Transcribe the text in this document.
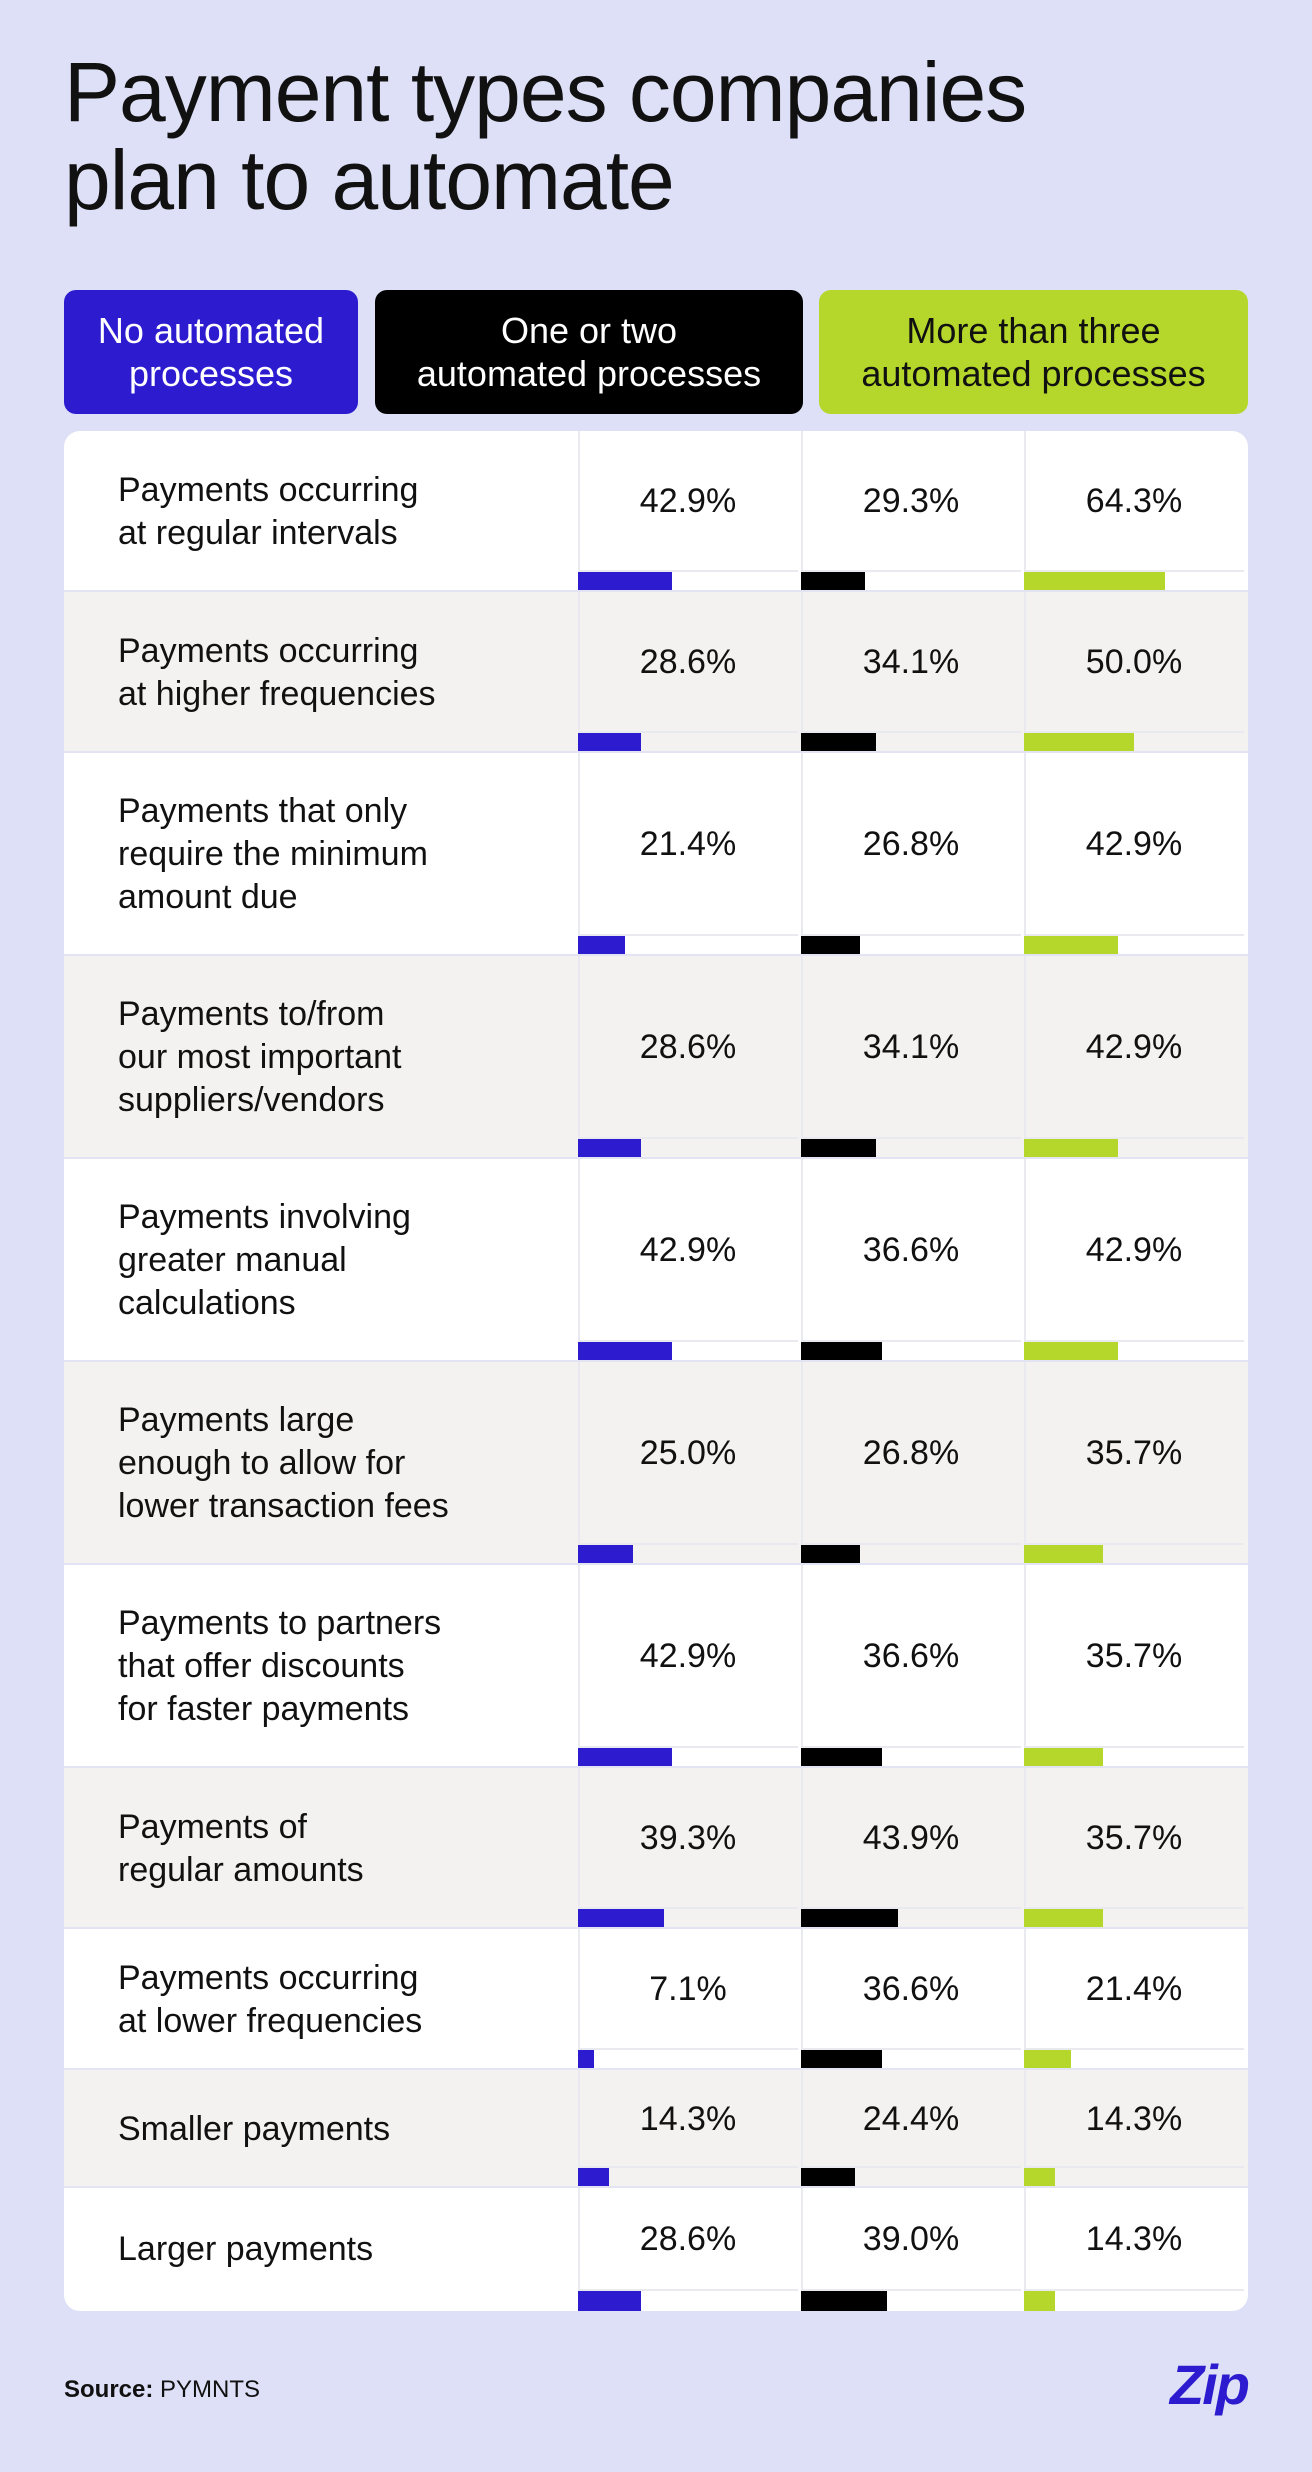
Payment types companies
plan to automate
No automated
processes
One or two
automated processes
More than three
automated processes
Payments occurring
at regular intervals
42.9%	29.3%	64.3%
Payments occurring
at higher frequencies
28.6%	34.1%	50.0%
Payments that only
require the minimum
amount due
21.4%	26.8%	42.9%
Payments to/from
our most important
suppliers/vendors
28.6%	34.1%	42.9%
Payments involving
greater manual
calculations
42.9%	36.6%	42.9%
Payments large
enough to allow for
lower transaction fees
25.0%	26.8%	35.7%
Payments to partners
that offer discounts
for faster payments
42.9%	36.6%	35.7%
Payments of
regular amounts
39.3%	43.9%	35.7%
Payments occurring
at lower frequencies
7.1%	36.6%	21.4%
Smaller payments	14.3%	24.4%	14.3%
Larger payments	28.6%	39.0%	14.3%
Source: PYMNTS	Zip
